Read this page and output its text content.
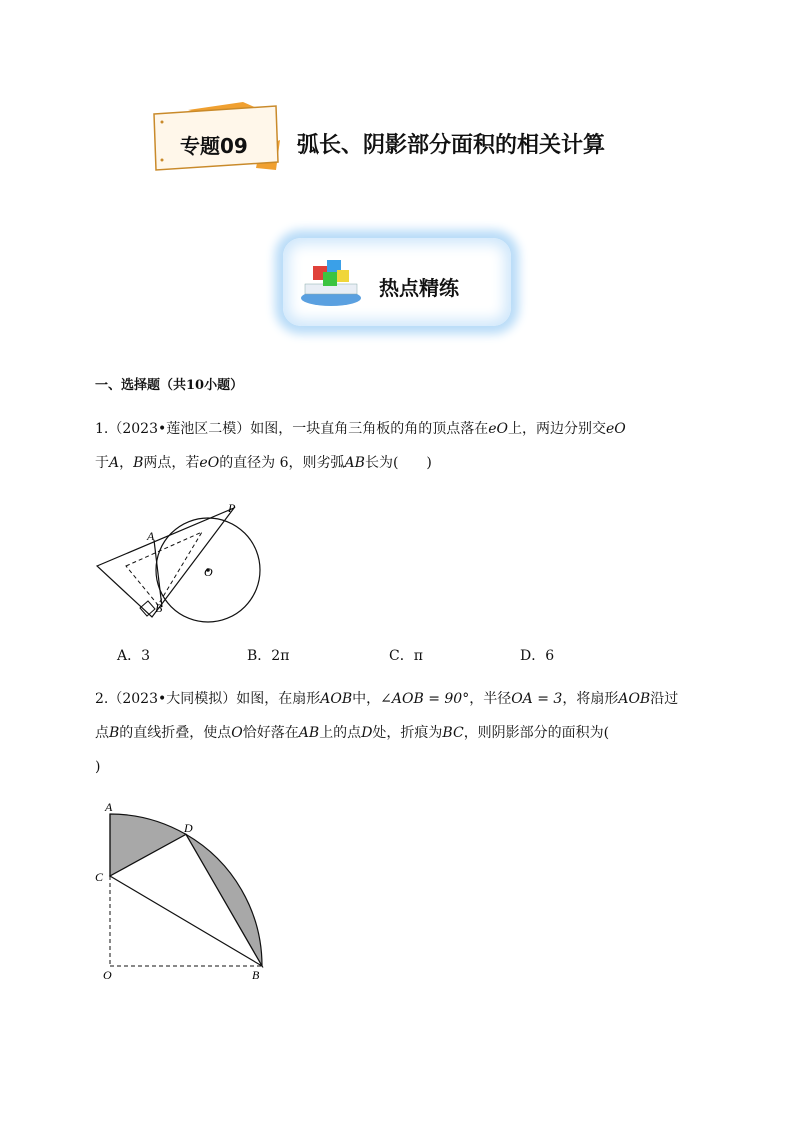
专题09 弧长、阴影部分面积的相关计算
热点精练
一、选择题（共10小题）
1.（2023•莲池区二模）如图，一块直角三角板的角的顶点落在eO上，两边分别交eO
于A，B两点，若eO的直径为 6，则劣弧AB长为(　　)
P
A
O
B
A．3	B．2π	C．π	D．6
2.（2023•大同模拟）如图，在扇形AOB中，∠AOB = 90°，半径OA = 3，将扇形AOB沿过
点B的直线折叠，使点O恰好落在AB上的点D处，折痕为BC，则阴影部分的面积为(
)
A
D
C
O	B
